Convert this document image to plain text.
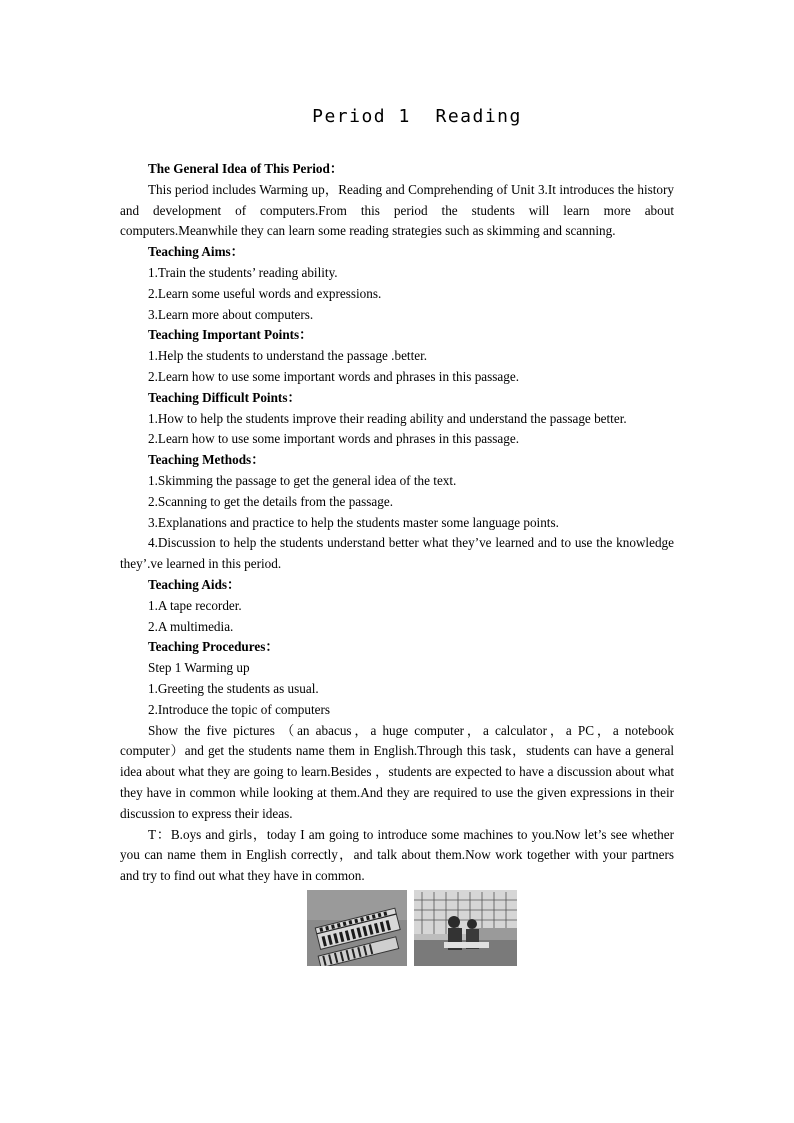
Period 1  Reading

The General Idea of This Period：

This period includes Warming up，Reading and Comprehending of Unit 3.It introduces the history and development of computers.From this period the students will learn more about computers.Meanwhile they can learn some reading strategies such as skimming and scanning.

Teaching Aims：

1.Train the students’ reading ability.

2.Learn some useful words and expressions.

3.Learn more about computers.

Teaching Important Points：

1.Help the students to understand the passage .better.

2.Learn how to use some important words and phrases in this passage.

Teaching Difficult Points：

1.How to help the students improve their reading ability and understand the passage better.

2.Learn how to use some important words and phrases in this passage.

Teaching Methods：

1.Skimming the passage to get the general idea of the text.

2.Scanning to get the details from the passage.

3.Explanations and practice to help the students master some language points.

4.Discussion to help the students understand better what they’ve learned and to use the knowledge they’.ve learned in this period.

Teaching Aids：

1.A tape recorder.

2.A multimedia.

Teaching Procedures：

Step 1 Warming up

1.Greeting the students as usual.

2.Introduce the topic of computers

Show the five pictures （an abacus，a huge computer，a calculator，a PC，a notebook computer）and get the students name them in English.Through this task，students can have a general idea about what they are going to learn.Besides ，students are expected to have a discussion about what they have in common while looking at them.And they are required to use the given expressions in their discussion to express their ideas.

T：B.oys and girls，today I am going to introduce some machines to you.Now let’s see whether you can name them in English correctly，and talk about them.Now work together with your partners and try to find out what they have in common.
